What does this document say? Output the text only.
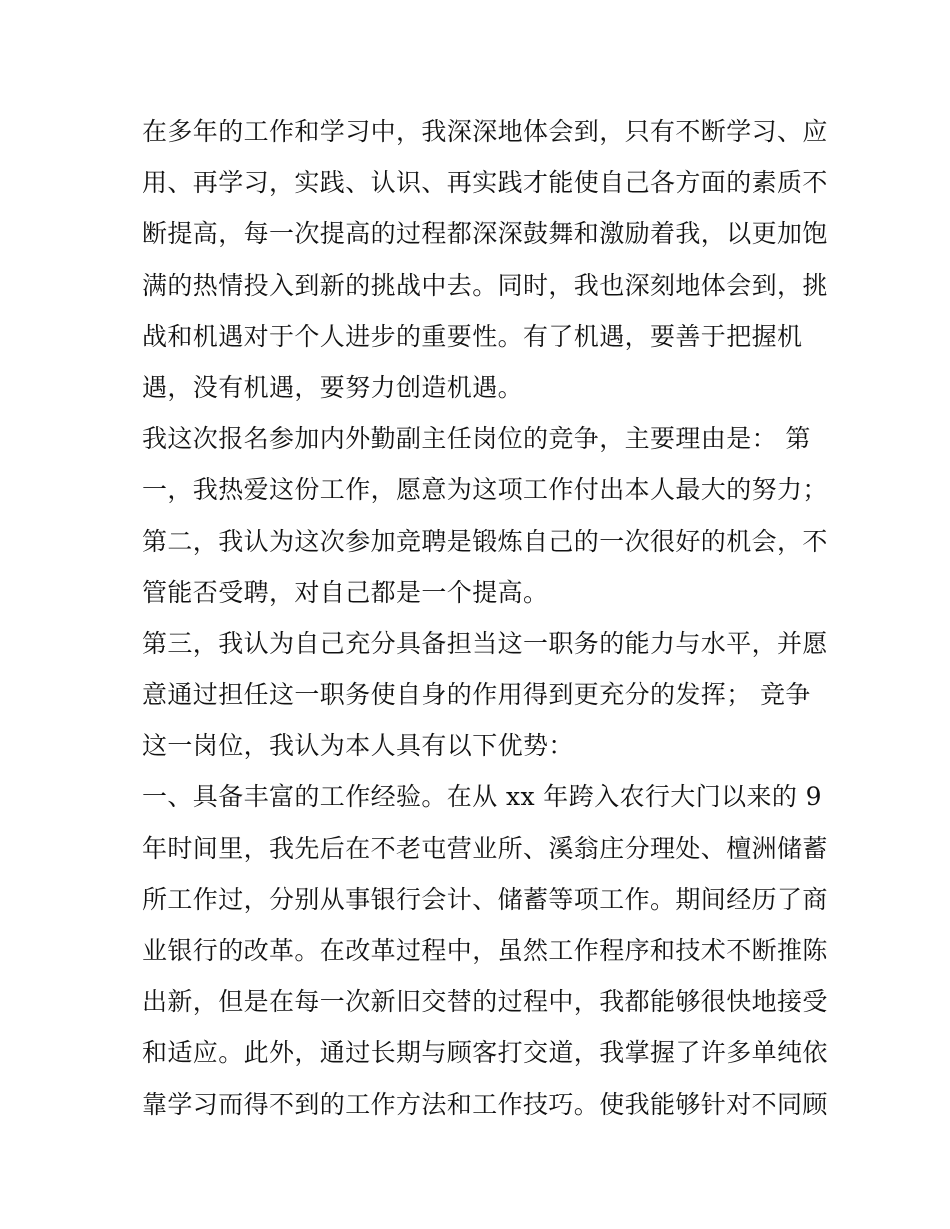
在多年的工作和学习中，我深深地体会到，只有不断学习、应
用、再学习，实践、认识、再实践才能使自己各方面的素质不
断提高，每一次提高的过程都深深鼓舞和激励着我，以更加饱
满的热情投入到新的挑战中去。同时，我也深刻地体会到，挑
战和机遇对于个人进步的重要性。有了机遇，要善于把握机
遇，没有机遇，要努力创造机遇。
我这次报名参加内外勤副主任岗位的竞争，主要理由是： 第
一，我热爱这份工作，愿意为这项工作付出本人最大的努力；
第二，我认为这次参加竞聘是锻炼自己的一次很好的机会，不
管能否受聘，对自己都是一个提高。
第三，我认为自己充分具备担当这一职务的能力与水平，并愿
意通过担任这一职务使自身的作用得到更充分的发挥； 竞争
这一岗位，我认为本人具有以下优势：
一、具备丰富的工作经验。在从 xx 年跨入农行大门以来的 9
年时间里，我先后在不老屯营业所、溪翁庄分理处、檀洲储蓄
所工作过，分别从事银行会计、储蓄等项工作。期间经历了商
业银行的改革。在改革过程中，虽然工作程序和技术不断推陈
出新，但是在每一次新旧交替的过程中，我都能够很快地接受
和适应。此外，通过长期与顾客打交道，我掌握了许多单纯依
靠学习而得不到的工作方法和工作技巧。使我能够针对不同顾
